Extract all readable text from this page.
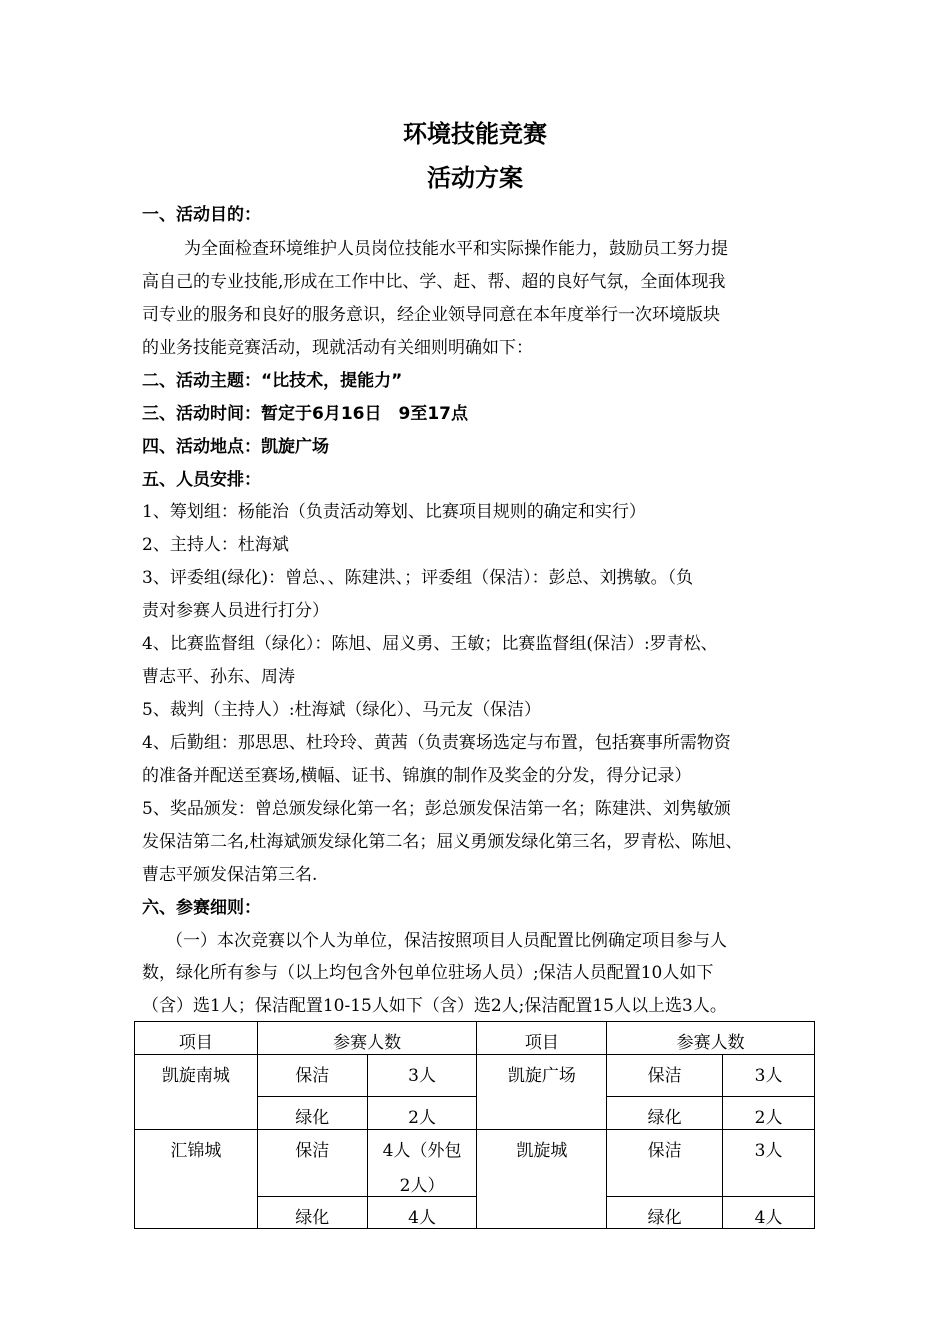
环境技能竞赛
活动方案
一、活动目的：
为全面检查环境维护人员岗位技能水平和实际操作能力，鼓励员工努力提
高自己的专业技能,形成在工作中比、学、赶、帮、超的良好气氛，全面体现我
司专业的服务和良好的服务意识，经企业领导同意在本年度举行一次环境版块
的业务技能竞赛活动，现就活动有关细则明确如下：
二、活动主题：“比技术，提能力”
三、活动时间：暂定于6月16日　9至17点
四、活动地点：凯旋广场
五、人员安排：
1、筹划组：杨能治（负责活动筹划、比赛项目规则的确定和实行）
2、主持人：杜海斌
3、评委组(绿化)：曾总、、陈建洪、；评委组（保洁）：彭总、刘携敏。（负
责对参赛人员进行打分）
4、比赛监督组（绿化）：陈旭、屈义勇、王敏；比赛监督组(保洁）:罗青松、
曹志平、孙东、周涛
5、裁判（主持人）:杜海斌（绿化）、马元友（保洁）
4、后勤组：那思思、杜玲玲、黄茜（负责赛场选定与布置，包括赛事所需物资
的准备并配送至赛场,横幅、证书、锦旗的制作及奖金的分发，得分记录）
5、奖品颁发：曾总颁发绿化第一名；彭总颁发保洁第一名；陈建洪、刘隽敏颁
发保洁第二名,杜海斌颁发绿化第二名；屈义勇颁发绿化第三名，罗青松、陈旭、
曹志平颁发保洁第三名.
六、参赛细则：
（一）本次竞赛以个人为单位，保洁按照项目人员配置比例确定项目参与人
数，绿化所有参与（以上均包含外包单位驻场人员）;保洁人员配置10人如下
（含）选1人；保洁配置10-15人如下（含）选2人;保洁配置15人以上选3人。
项目	参赛人数		项目	参赛人数	
凯旋南城	保洁	3人	凯旋广场	保洁	3人
	绿化	2人		绿化	2人
汇锦城	保洁	4人（外包
2人）	凯旋城	保洁	3人
	绿化	4人		绿化	4人
